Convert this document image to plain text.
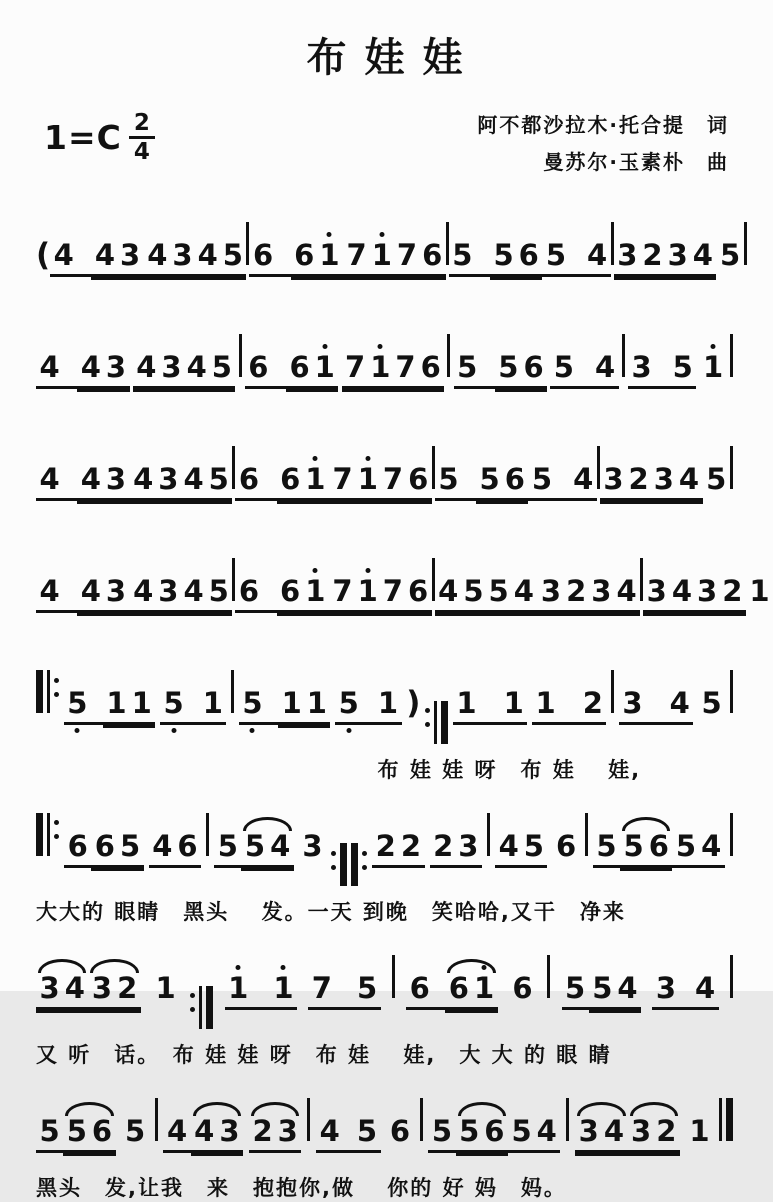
布娃娃
$1=C \frac{2}{4}$	阿不都沙拉木·托合提　词
曼苏尔·玉素朴　曲
( 4 4 3 4 3 4 5 6 6 1 7 1 7 6 5 5 6 5 4 3 2 3 4 5
4 4 3 4 3 4 5 6 6 1 7 1 7 6 5 5 6 5 4 3 5 1
4 4 3 4 3 4 5 6 6 1 7 1 7 6 5 5 6 5 4 3 2 3 4 5
4 4 3 4 3 4 5 6 6 1 7 1 7 6 4 5 5 4 3 2 3 4 3 4 3 2 1
5 1 1 5 1 5 1 1 5 1 ) 1 1 1 2 3 4 5
布 娃 娃 呀　布 娃　 娃,
6 6 5 4 6 5 5 4 3 2 2 2 3 4 5 6 5 5 6 5 4
大大的 眼睛　黑头　 发。一天 到晚　笑哈哈,又干　净来
3 4 3 2 1 1 1 7 5 6 6 1 6 5 5 4 3 4
又 听　话。　布 娃 娃 呀　布 娃　 娃,　大 大 的 眼 睛
5 5 6 5 4 4 3 2 3 4 5 6 5 5 6 5 4 3 4 3 2 1
黑头　发,让我　来　抱抱你,做　 你的 好 妈　妈。
